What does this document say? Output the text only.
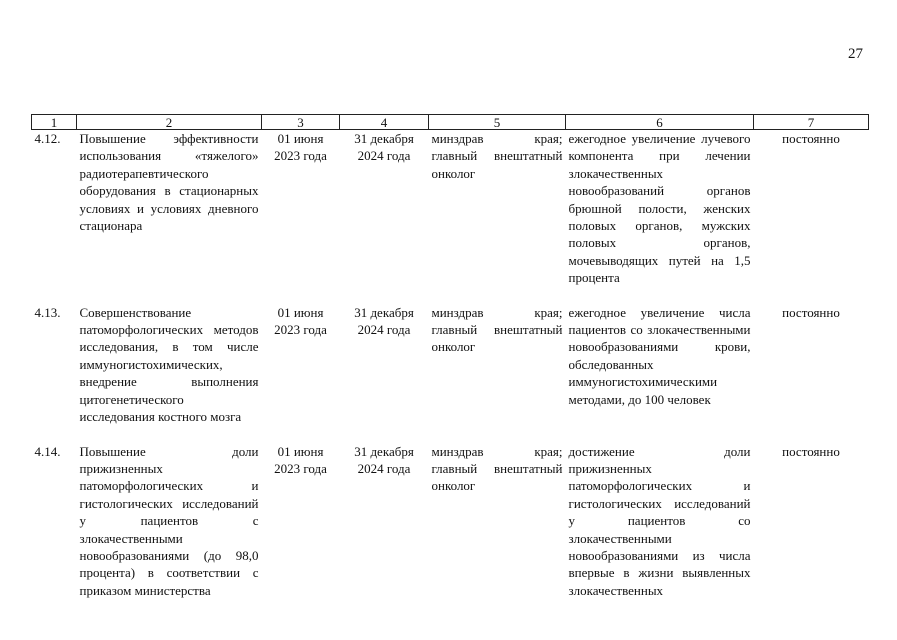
27
1	2	3	4	5	6	7
4.12.	Повышение эффективности использования «тяжелого» радиотерапевтического оборудования в стационарных условиях и условиях дневного стационара	01 июня 2023 года	31 декабря 2024 года	минздрав края; главный внештатный онколог	ежегодное увеличение лучевого компонента при лечении злокачественных новообразований органов брюшной полости, женских половых органов, мужских половых органов, мочевыводящих путей на 1,5 процента	постоянно

4.13.	Совершенствование патоморфологических методов исследования, в том числе иммуногистохимических, внедрение выполнения цитогенетического исследования костного мозга	01 июня 2023 года	31 декабря 2024 года	минздрав края; главный внештатный онколог	ежегодное увеличение числа пациентов со злокачественными новообразованиями крови, обследованных иммуногистохимическими методами, до 100 человек	постоянно

4.14.	Повышение доли прижизненных патоморфологических и гистологических исследований у пациентов с злокачественными новообразованиями (до 98,0 процента) в соответствии с приказом министерства	01 июня 2023 года	31 декабря 2024 года	минздрав края; главный внештатный онколог	достижение доли прижизненных патоморфологических и гистологических исследований у пациентов со злокачественными новообразованиями из числа впервые в жизни выявленных злокачественных	постоянно
